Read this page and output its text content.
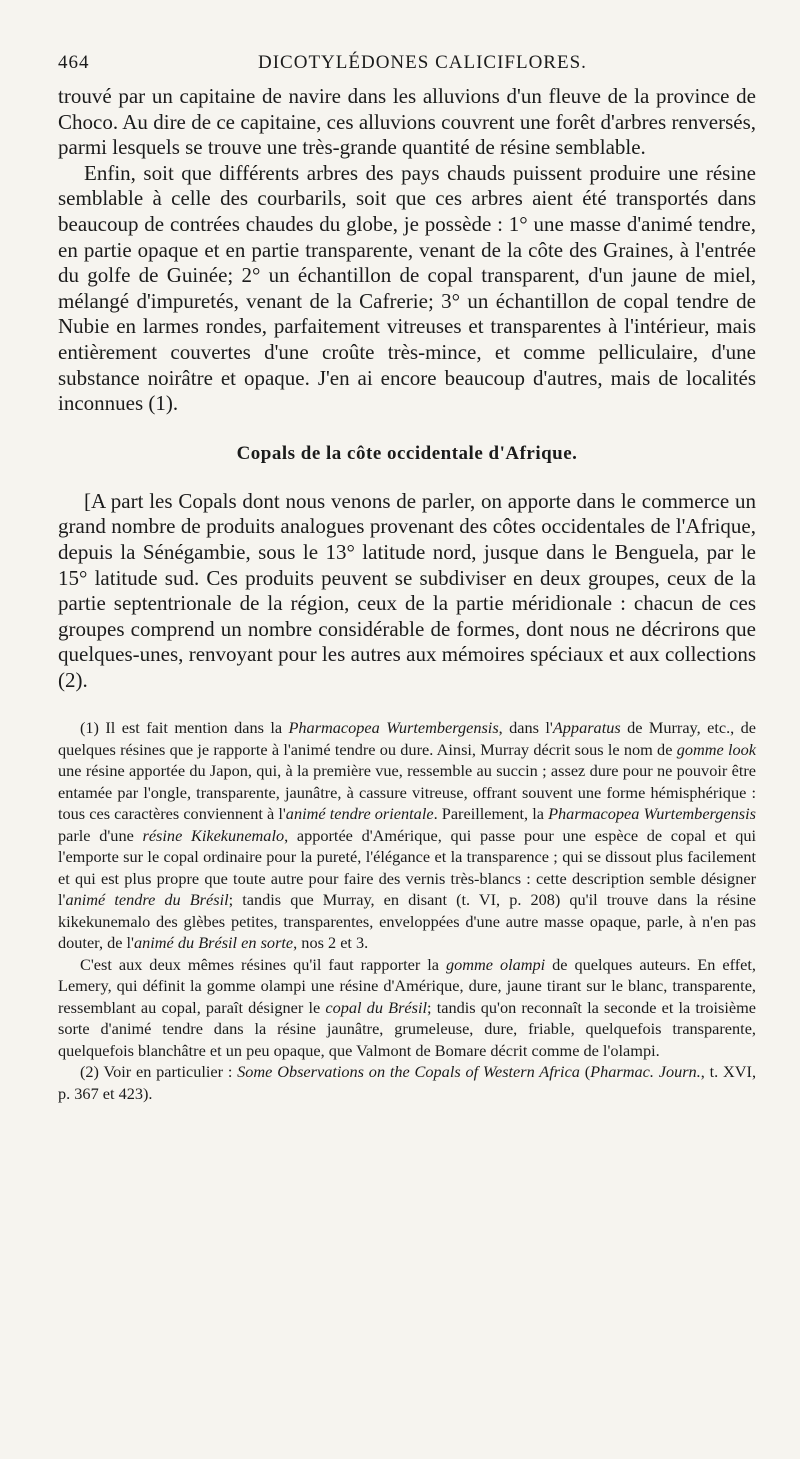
464	DICOTYLÉDONES CALICIFLORES.

trouvé par un capitaine de navire dans les alluvions d'un fleuve de la province de Choco. Au dire de ce capitaine, ces alluvions couvrent une forêt d'arbres renversés, parmi lesquels se trouve une très-grande quantité de résine semblable.

Enfin, soit que différents arbres des pays chauds puissent produire une résine semblable à celle des courbarils, soit que ces arbres aient été transportés dans beaucoup de contrées chaudes du globe, je possède : 1° une masse d'animé tendre, en partie opaque et en partie transparente, venant de la côte des Graines, à l'entrée du golfe de Guinée; 2° un échantillon de copal transparent, d'un jaune de miel, mélangé d'impuretés, venant de la Cafrerie; 3° un échantillon de copal tendre de Nubie en larmes rondes, parfaitement vitreuses et transparentes à l'intérieur, mais entièrement couvertes d'une croûte très-mince, et comme pelliculaire, d'une substance noirâtre et opaque. J'en ai encore beaucoup d'autres, mais de localités inconnues (1).

Copals de la côte occidentale d'Afrique.

[A part les Copals dont nous venons de parler, on apporte dans le commerce un grand nombre de produits analogues provenant des côtes occidentales de l'Afrique, depuis la Sénégambie, sous le 13° latitude nord, jusque dans le Benguela, par le 15° latitude sud. Ces produits peuvent se subdiviser en deux groupes, ceux de la partie septentrionale de la région, ceux de la partie méridionale : chacun de ces groupes comprend un nombre considérable de formes, dont nous ne décrirons que quelques-unes, renvoyant pour les autres aux mémoires spéciaux et aux collections (2).

(1) Il est fait mention dans la Pharmacopea Wurtembergensis, dans l'Apparatus de Murray, etc., de quelques résines que je rapporte à l'animé tendre ou dure. Ainsi, Murray décrit sous le nom de gomme look une résine apportée du Japon, qui, à la première vue, ressemble au succin ; assez dure pour ne pouvoir être entamée par l'ongle, transparente, jaunâtre, à cassure vitreuse, offrant souvent une forme hémisphérique : tous ces caractères conviennent à l'animé tendre orientale. Pareillement, la Pharmacopea Wurtembergensis parle d'une résine Kikekunemalo, apportée d'Amérique, qui passe pour une espèce de copal et qui l'emporte sur le copal ordinaire pour la pureté, l'élégance et la transparence ; qui se dissout plus facilement et qui est plus propre que toute autre pour faire des vernis très-blancs : cette description semble désigner l'animé tendre du Brésil; tandis que Murray, en disant (t. VI, p. 208) qu'il trouve dans la résine kikekunemalo des glèbes petites, transparentes, enveloppées d'une autre masse opaque, parle, à n'en pas douter, de l'animé du Brésil en sorte, nos 2 et 3.

C'est aux deux mêmes résines qu'il faut rapporter la gomme olampi de quelques auteurs. En effet, Lemery, qui définit la gomme olampi une résine d'Amérique, dure, jaune tirant sur le blanc, transparente, ressemblant au copal, paraît désigner le copal du Brésil; tandis qu'on reconnaît la seconde et la troisième sorte d'animé tendre dans la résine jaunâtre, grumeleuse, dure, friable, quelquefois transparente, quelquefois blanchâtre et un peu opaque, que Valmont de Bomare décrit comme de l'olampi.

(2) Voir en particulier : Some Observations on the Copals of Western Africa (Pharmac. Journ., t. XVI, p. 367 et 423).
